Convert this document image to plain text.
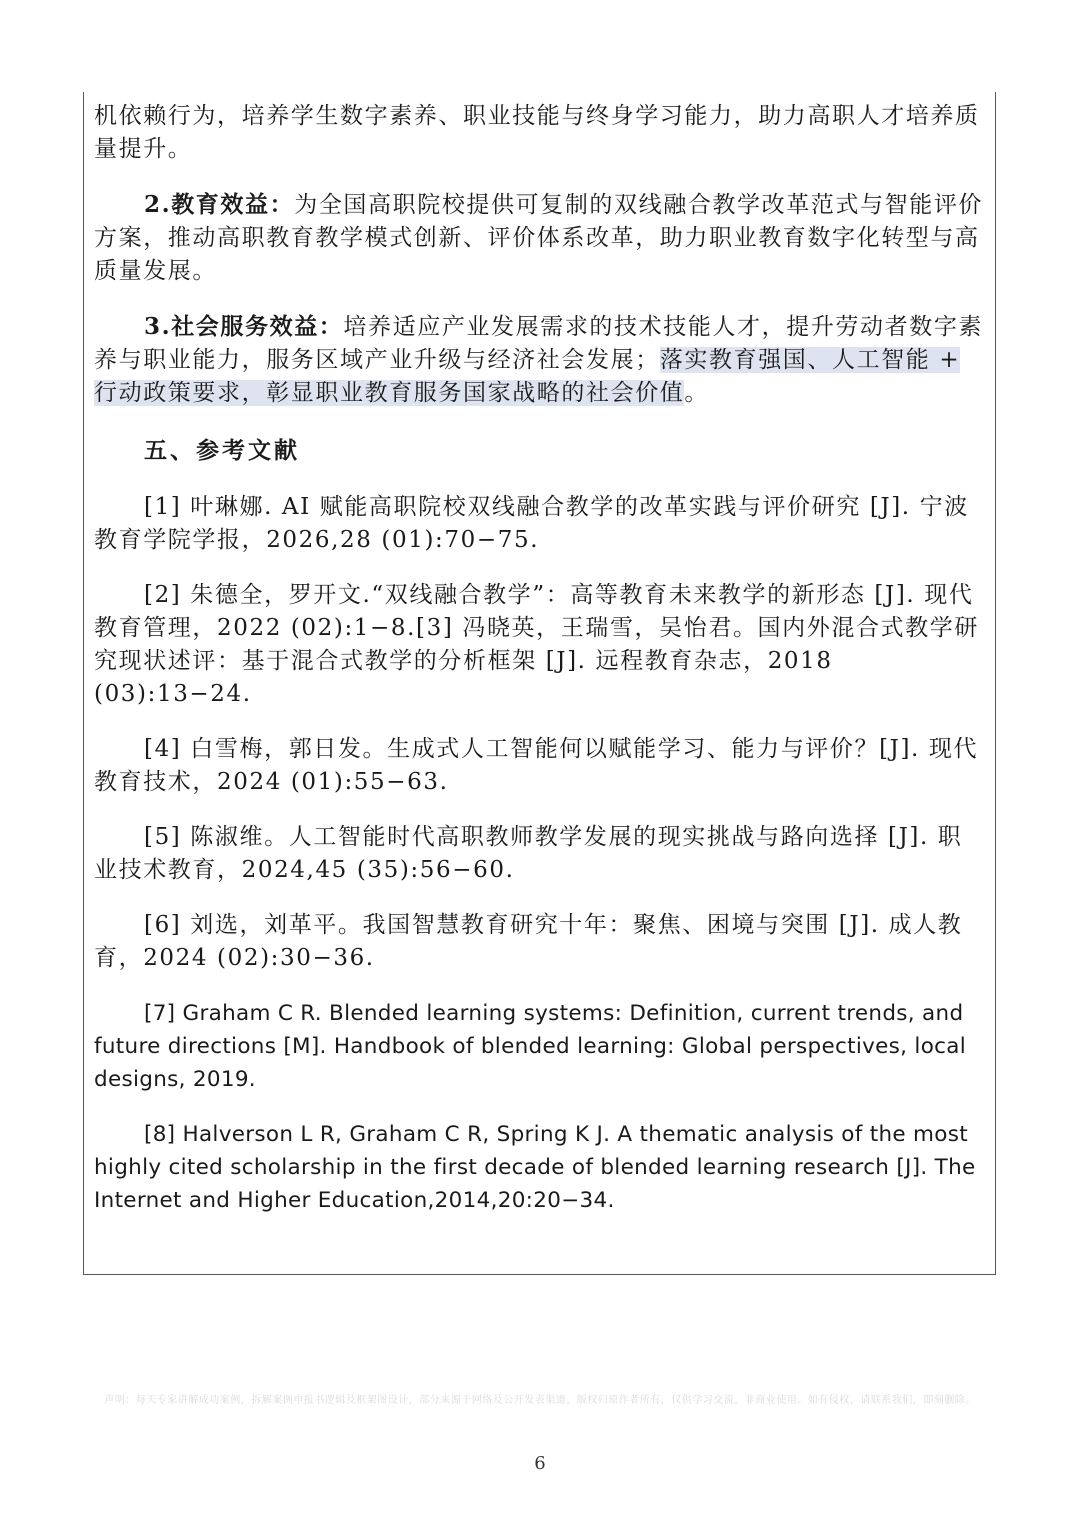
机依赖行为，培养学生数字素养、职业技能与终身学习能力，助力高职人才培养质量提升。

2.教育效益：为全国高职院校提供可复制的双线融合教学改革范式与智能评价方案，推动高职教育教学模式创新、评价体系改革，助力职业教育数字化转型与高质量发展。

3.社会服务效益：培养适应产业发展需求的技术技能人才，提升劳动者数字素养与职业能力，服务区域产业升级与经济社会发展；落实教育强国、人工智能 + 行动政策要求，彰显职业教育服务国家战略的社会价值。

五、参考文献

[1] 叶琳娜. AI 赋能高职院校双线融合教学的改革实践与评价研究 [J]. 宁波教育学院学报，2026,28 (01):70−75.

[2] 朱德全，罗开文.“双线融合教学”：高等教育未来教学的新形态 [J]. 现代教育管理，2022 (02):1−8.[3] 冯晓英，王瑞雪，吴怡君。国内外混合式教学研究现状述评：基于混合式教学的分析框架 [J]. 远程教育杂志，2018 (03):13−24.

[4] 白雪梅，郭日发。生成式人工智能何以赋能学习、能力与评价？[J]. 现代教育技术，2024 (01):55−63.

[5] 陈淑维。人工智能时代高职教师教学发展的现实挑战与路向选择 [J]. 职业技术教育，2024,45 (35):56−60.

[6] 刘选，刘革平。我国智慧教育研究十年：聚焦、困境与突围 [J]. 成人教育，2024 (02):30−36.

[7] Graham C R. Blended learning systems: Definition, current trends, and future directions [M]. Handbook of blended learning: Global perspectives, local designs, 2019.

[8] Halverson L R, Graham C R, Spring K J. A thematic analysis of the most highly cited scholarship in the first decade of blended learning research [J]. The Internet and Higher Education,2014,20:20−34.

声明：每天专家讲解成功案例，拆解案例申报书逻辑及框架图设计，部分来源于网络及公开发表渠道，版权归原作者所有，仅供学习交流，非商业使用。如有侵权，请联系我们，即刻删除。
6
